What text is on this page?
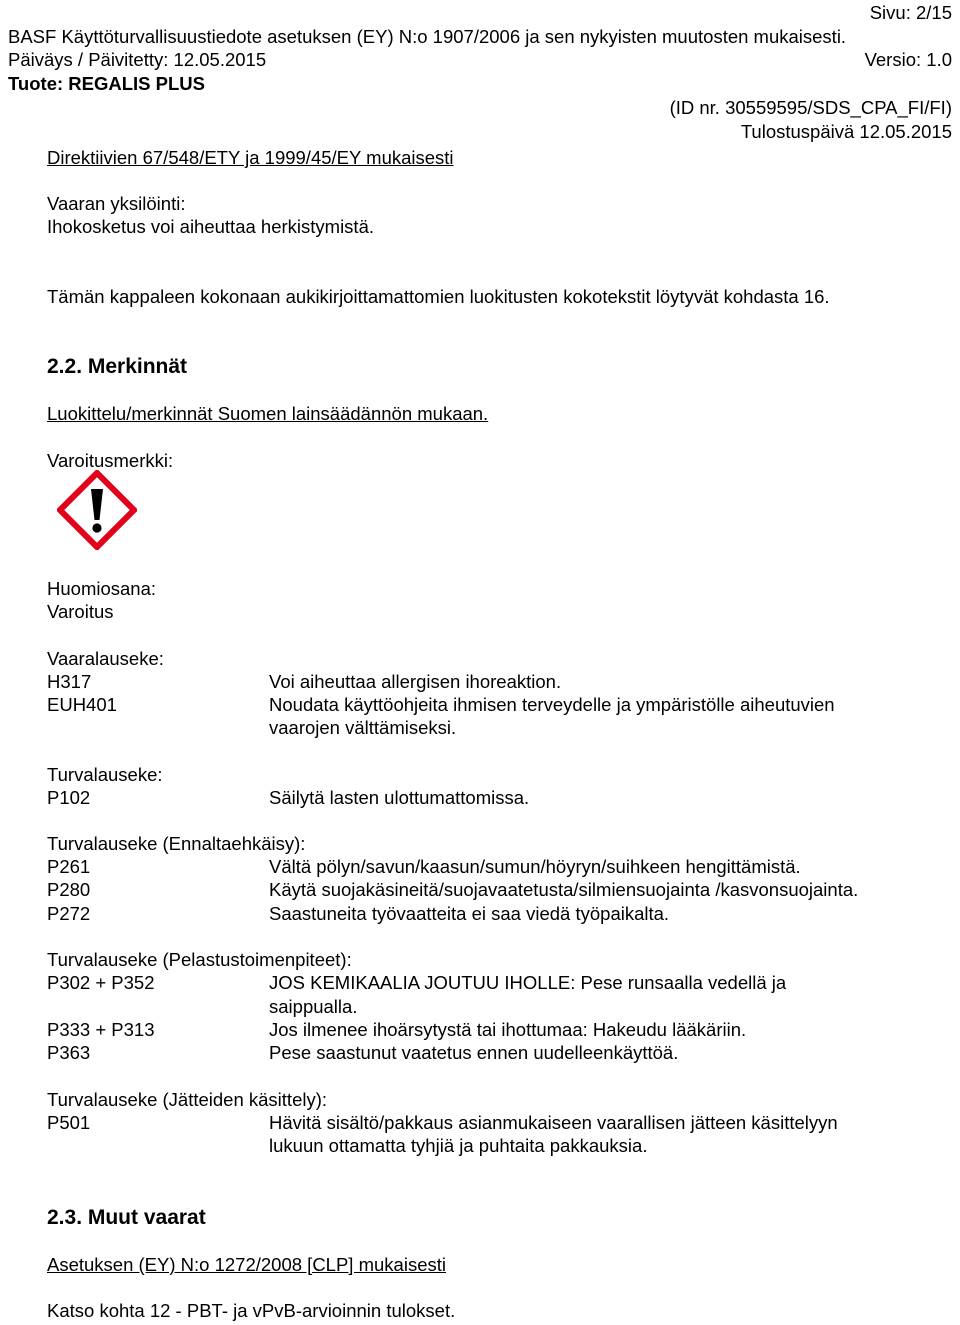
Sivu: 2/15
BASF Käyttöturvallisuustiedote asetuksen (EY) N:o 1907/2006 ja sen nykyisten muutosten mukaisesti.
Päiväys / Päivitetty: 12.05.2015	Versio: 1.0
Tuote: REGALIS PLUS
(ID nr. 30559595/SDS_CPA_FI/FI)
Tulostuspäivä 12.05.2015
Direktiivien 67/548/ETY ja 1999/45/EY mukaisesti
Vaaran yksilöinti:
Ihokosketus voi aiheuttaa herkistymistä.
Tämän kappaleen kokonaan aukikirjoittamattomien luokitusten kokotekstit löytyvät kohdasta 16.
2.2. Merkinnät
Luokittelu/merkinnät Suomen lainsäädännön mukaan.
Varoitusmerkki:
Huomiosana:
Varoitus
Vaaralauseke:
H317	Voi aiheuttaa allergisen ihoreaktion.
EUH401	Noudata käyttöohjeita ihmisen terveydelle ja ympäristölle aiheutuvien
vaarojen välttämiseksi.
Turvalauseke:
P102	Säilytä lasten ulottumattomissa.
Turvalauseke (Ennaltaehkäisy):
P261	Vältä pölyn/savun/kaasun/sumun/höyryn/suihkeen hengittämistä.
P280	Käytä suojakäsineitä/suojavaatetusta/silmiensuojainta /kasvonsuojainta.
P272	Saastuneita työvaatteita ei saa viedä työpaikalta.
Turvalauseke (Pelastustoimenpiteet):
P302 + P352	JOS KEMIKAALIA JOUTUU IHOLLE: Pese runsaalla vedellä ja
saippualla.
P333 + P313	Jos ilmenee ihoärsytystä tai ihottumaa: Hakeudu lääkäriin.
P363	Pese saastunut vaatetus ennen uudelleenkäyttöä.
Turvalauseke (Jätteiden käsittely):
P501	Hävitä sisältö/pakkaus asianmukaiseen vaarallisen jätteen käsittelyyn
lukuun ottamatta tyhjiä ja puhtaita pakkauksia.
2.3. Muut vaarat
Asetuksen (EY) N:o 1272/2008 [CLP] mukaisesti
Katso kohta 12 - PBT- ja vPvB-arvioinnin tulokset.
